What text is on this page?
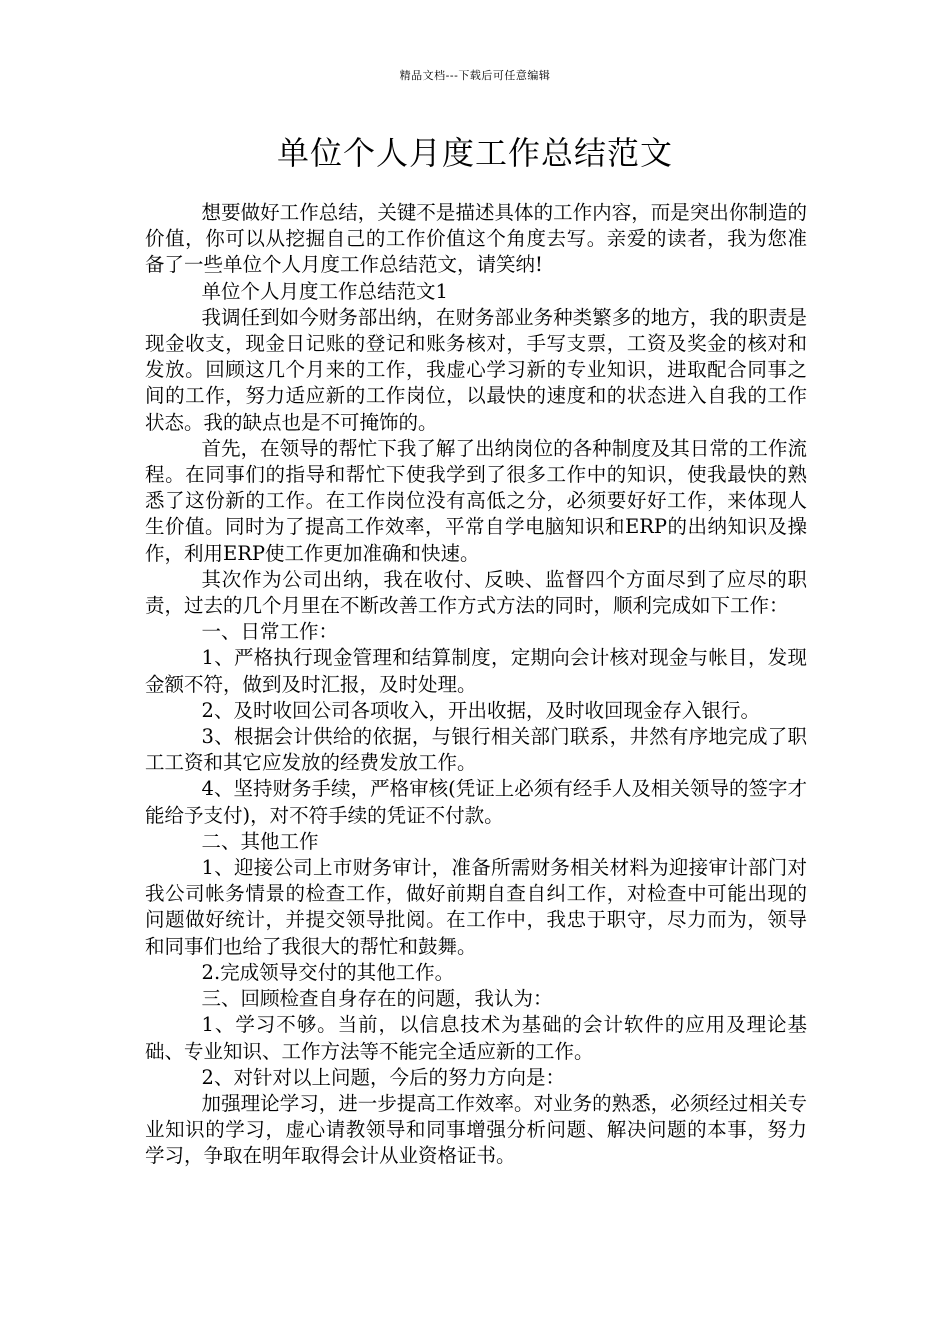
精品文档---下载后可任意编辑
单位个人月度工作总结范文

想要做好工作总结，关键不是描述具体的工作内容，而是突出你制造的价值，你可以从挖掘自己的工作价值这个角度去写。亲爱的读者，我为您准备了一些单位个人月度工作总结范文，请笑纳!

单位个人月度工作总结范文1

我调任到如今财务部出纳，在财务部业务种类繁多的地方，我的职责是现金收支，现金日记账的登记和账务核对，手写支票，工资及奖金的核对和发放。回顾这几个月来的工作，我虚心学习新的专业知识，进取配合同事之间的工作，努力适应新的工作岗位，以最快的速度和的状态进入自我的工作状态。我的缺点也是不可掩饰的。

首先，在领导的帮忙下我了解了出纳岗位的各种制度及其日常的工作流程。在同事们的指导和帮忙下使我学到了很多工作中的知识，使我最快的熟悉了这份新的工作。在工作岗位没有高低之分，必须要好好工作，来体现人生价值。同时为了提高工作效率，平常自学电脑知识和ERP的出纳知识及操作，利用ERP使工作更加准确和快速。

其次作为公司出纳，我在收付、反映、监督四个方面尽到了应尽的职责，过去的几个月里在不断改善工作方式方法的同时，顺利完成如下工作：

一、日常工作：

1、严格执行现金管理和结算制度，定期向会计核对现金与帐目，发现金额不符，做到及时汇报，及时处理。

2、及时收回公司各项收入，开出收据，及时收回现金存入银行。

3、根据会计供给的依据，与银行相关部门联系，井然有序地完成了职工工资和其它应发放的经费发放工作。

4、坚持财务手续，严格审核(凭证上必须有经手人及相关领导的签字才能给予支付)，对不符手续的凭证不付款。

二、其他工作

1、迎接公司上市财务审计，准备所需财务相关材料为迎接审计部门对我公司帐务情景的检查工作，做好前期自查自纠工作，对检查中可能出现的问题做好统计，并提交领导批阅。在工作中，我忠于职守，尽力而为，领导和同事们也给了我很大的帮忙和鼓舞。

2.完成领导交付的其他工作。

三、回顾检查自身存在的问题，我认为：

1、学习不够。当前，以信息技术为基础的会计软件的应用及理论基础、专业知识、工作方法等不能完全适应新的工作。

2、对针对以上问题，今后的努力方向是：

加强理论学习，进一步提高工作效率。对业务的熟悉，必须经过相关专业知识的学习，虚心请教领导和同事增强分析问题、解决问题的本事，努力学习，争取在明年取得会计从业资格证书。
